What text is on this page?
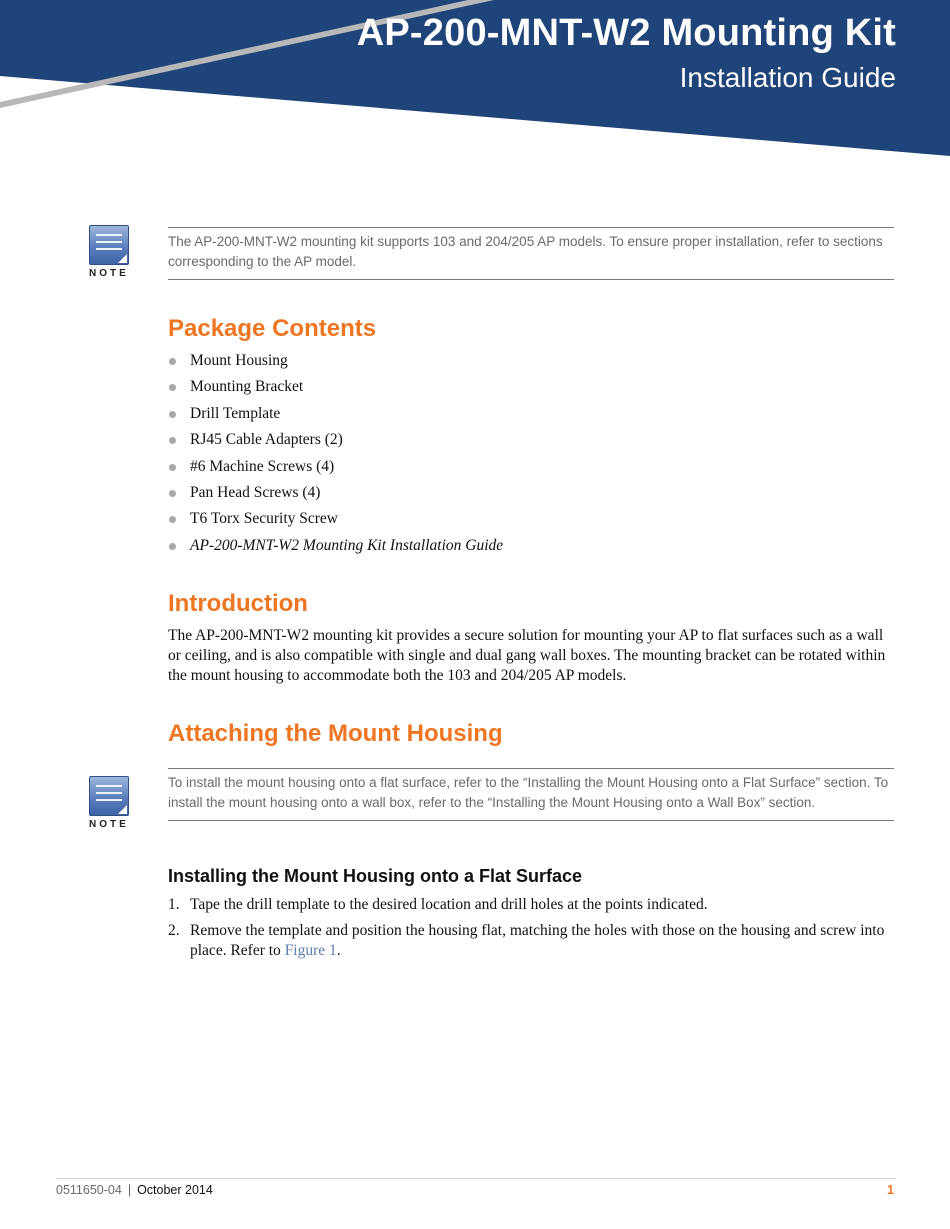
AP-200-MNT-W2 Mounting Kit
Installation Guide
NOTE
The AP-200-MNT-W2 mounting kit supports 103 and 204/205 AP models. To ensure proper installation, refer to sections corresponding to the AP model.
Package Contents
Mount Housing
Mounting Bracket
Drill Template
RJ45 Cable Adapters (2)
#6 Machine Screws (4)
Pan Head Screws (4)
T6 Torx Security Screw
AP-200-MNT-W2 Mounting Kit Installation Guide
Introduction

The AP-200-MNT-W2 mounting kit provides a secure solution for mounting your AP to flat surfaces such as a wall or ceiling, and is also compatible with single and dual gang wall boxes. The mounting bracket can be rotated within the mount housing to accommodate both the 103 and 204/205 AP models.

Attaching the Mount Housing
NOTE
To install the mount housing onto a flat surface, refer to the “Installing the Mount Housing onto a Flat Surface” section. To install the mount housing onto a wall box, refer to the “Installing the Mount Housing onto a Wall Box” section.
Installing the Mount Housing onto a Flat Surface
1. Tape the drill template to the desired location and drill holes at the points indicated.
2. Remove the template and position the housing flat, matching the holes with those on the housing and screw into place. Refer to Figure 1.
0511650-04 | October 2014	1
